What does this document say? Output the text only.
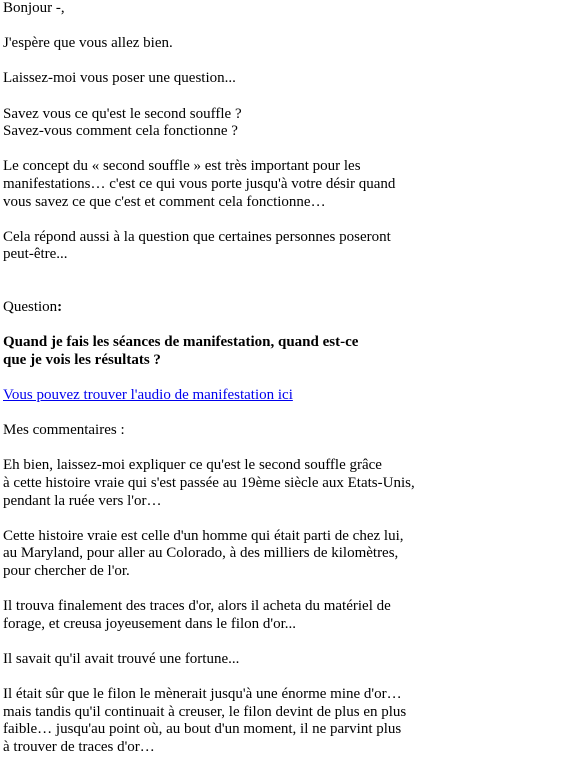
Bonjour -,

J'espère que vous allez bien.

Laissez-moi vous poser une question...

Savez vous ce qu'est le second souffle ?
Savez-vous comment cela fonctionne ?

Le concept du « second souffle » est très important pour les
manifestations… c'est ce qui vous porte jusqu'à votre désir quand
vous savez ce que c'est et comment cela fonctionne…

Cela répond aussi à la question que certaines personnes poseront
peut-être...

Question:

Quand je fais les séances de manifestation, quand est-ce
que je vois les résultats ?

Vous pouvez trouver l'audio de manifestation ici

Mes commentaires :

Eh bien, laissez-moi expliquer ce qu'est le second souffle grâce
à cette histoire vraie qui s'est passée au 19ème siècle aux Etats-Unis,
pendant la ruée vers l'or…

Cette histoire vraie est celle d'un homme qui était parti de chez lui,
au Maryland, pour aller au Colorado, à des milliers de kilomètres,
pour chercher de l'or.

Il trouva finalement des traces d'or, alors il acheta du matériel de
forage, et creusa joyeusement dans le filon d'or...

Il savait qu'il avait trouvé une fortune...

Il était sûr que le filon le mènerait jusqu'à une énorme mine d'or…
mais tandis qu'il continuait à creuser, le filon devint de plus en plus
faible… jusqu'au point où, au bout d'un moment, il ne parvint plus
à trouver de traces d'or…
